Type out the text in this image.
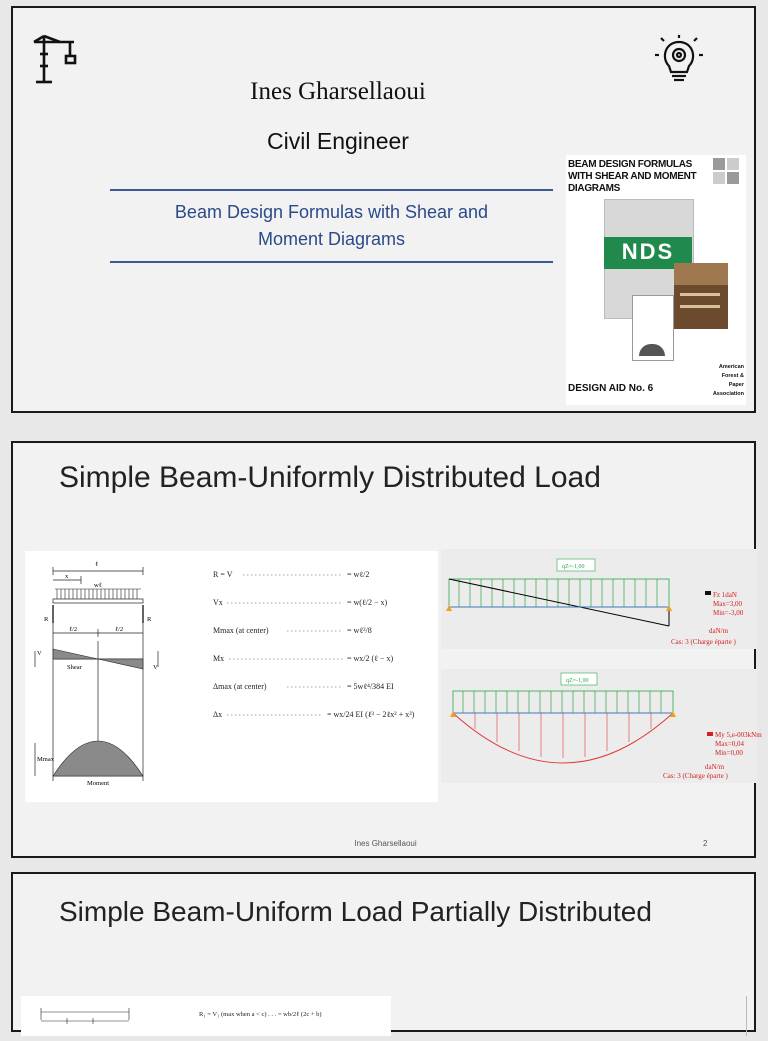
Ines Gharsellaoui
Civil Engineer
Beam Design Formulas with Shear and
Moment Diagrams
BEAM DESIGN FORMULAS
WITH SHEAR AND MOMENT
DIAGRAMS
NDS
DESIGN AID No. 6
American
Forest &
Paper
Association
Simple Beam-Uniformly Distributed Load
ℓ
x
wℓ
R	R
ℓ/2	ℓ/2
V
V
Shear
Mmax
Moment
R = V	= wℓ/2
Vx	= w(ℓ/2 − x)
Mmax (at center)	= wℓ²/8
Mx	= wx/2 (ℓ − x)
Δmax (at center)	= 5wℓ⁴/384 EI
Δx	= wx/24 EI (ℓ³ − 2ℓx² + x³)
qZ=-1,00
Fz 1daN
Max=3,00
Min=-3,00
daN/m
Cas: 3 (Charge éparte )
qZ=-1,00
My 5,e-003kNm
Max=0,04
Min=0,00
daN/m
Cas: 3 (Charge éparte )
Ines Gharsellaoui	2
Simple Beam-Uniform Load Partially Distributed
R₁ = V₁ (max when a < c) . . . = wb/2ℓ (2c + b)
